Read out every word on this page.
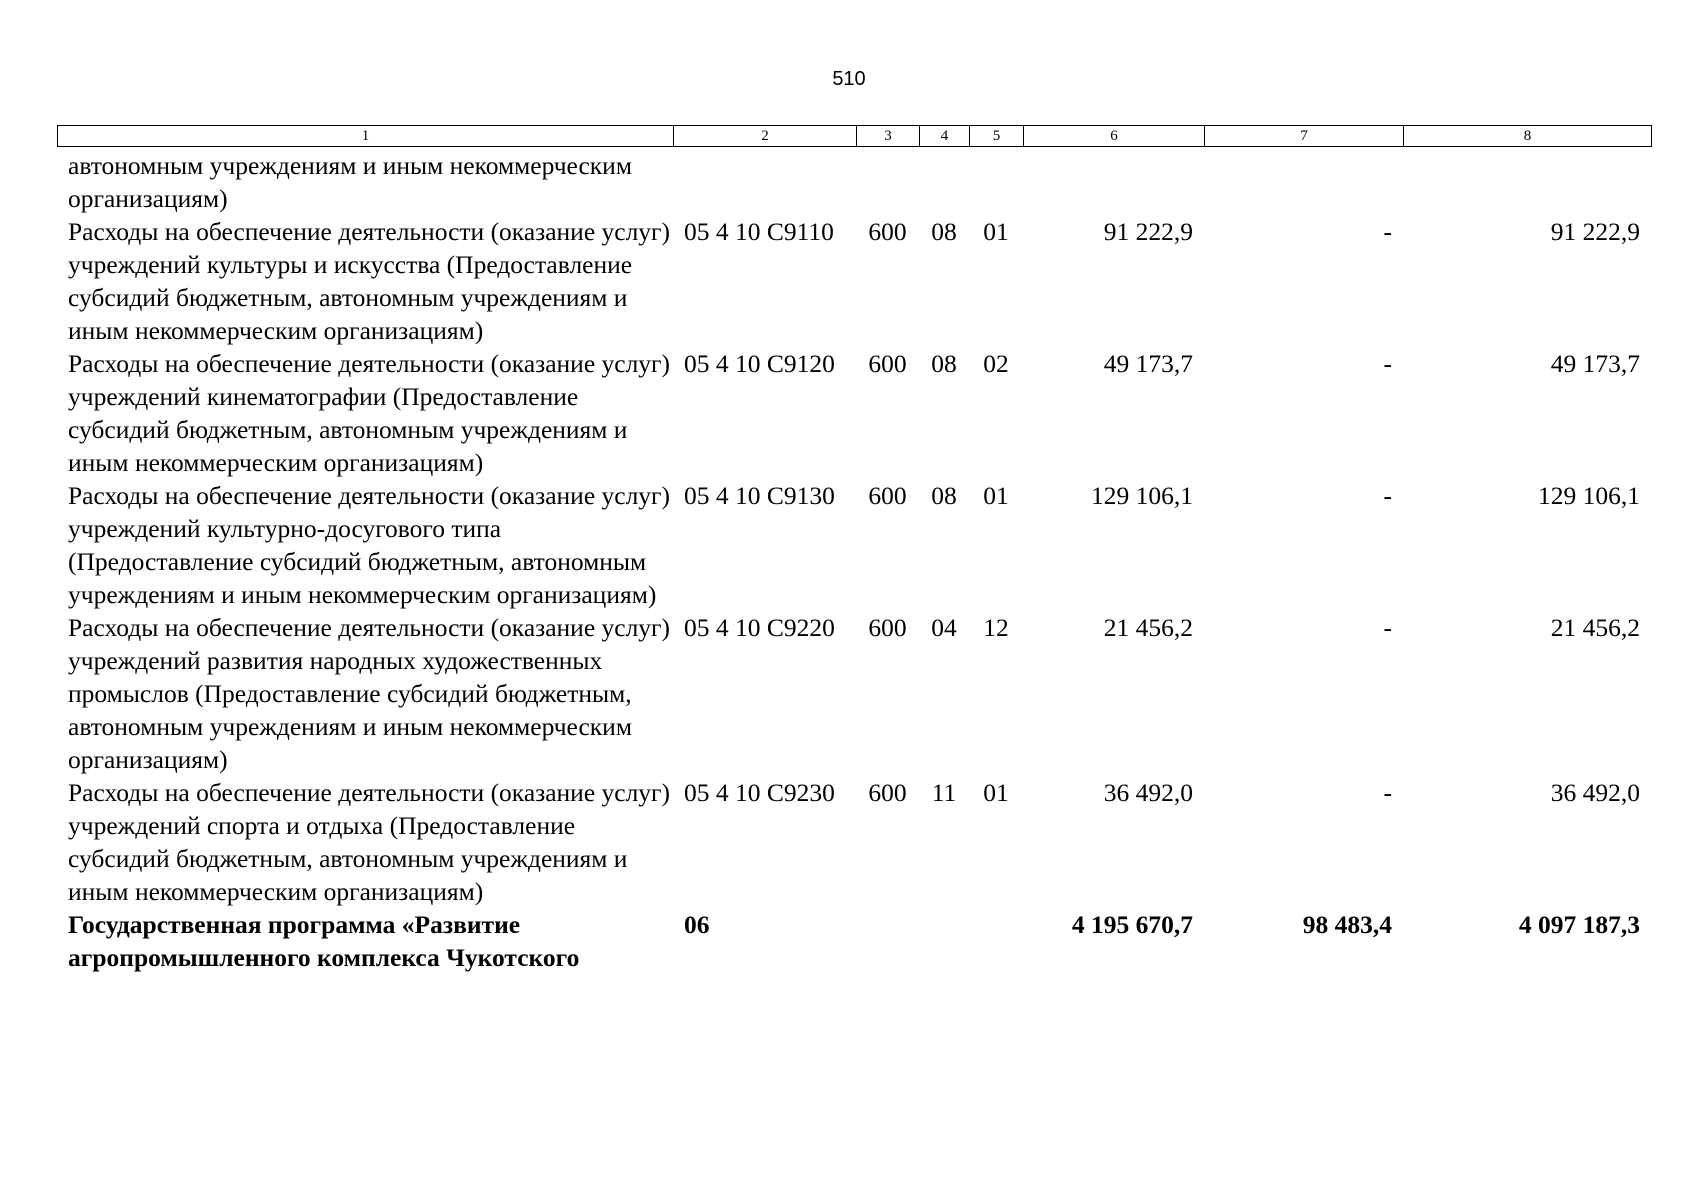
510
1	2	3	4	5	6	7	8
автономным учреждениям и иным некоммерческим организациям)							
Расходы на обеспечение деятельности (оказание услуг) учреждений культуры и искусства (Предоставление субсидий бюджетным, автономным учреждениям и иным некоммерческим организациям)	05 4 10 С9110	600	08	01	91 222,9	-	91 222,9
Расходы на обеспечение деятельности (оказание услуг) учреждений кинематографии (Предоставление субсидий бюджетным, автономным учреждениям и иным некоммерческим организациям)	05 4 10 С9120	600	08	02	49 173,7	-	49 173,7
Расходы на обеспечение деятельности (оказание услуг) учреждений культурно-досугового типа (Предоставление субсидий бюджетным, автономным учреждениям и иным некоммерческим организациям)	05 4 10 С9130	600	08	01	129 106,1	-	129 106,1
Расходы на обеспечение деятельности (оказание услуг) учреждений развития народных художественных промыслов (Предоставление субсидий бюджетным, автономным учреждениям и иным некоммерческим организациям)	05 4 10 С9220	600	04	12	21 456,2	-	21 456,2
Расходы на обеспечение деятельности (оказание услуг) учреждений спорта и отдыха (Предоставление субсидий бюджетным, автономным учреждениям и иным некоммерческим организациям)	05 4 10 С9230	600	11	01	36 492,0	-	36 492,0
Государственная программа «Развитие агропромышленного комплекса Чукотского	06				4 195 670,7	98 483,4	4 097 187,3
